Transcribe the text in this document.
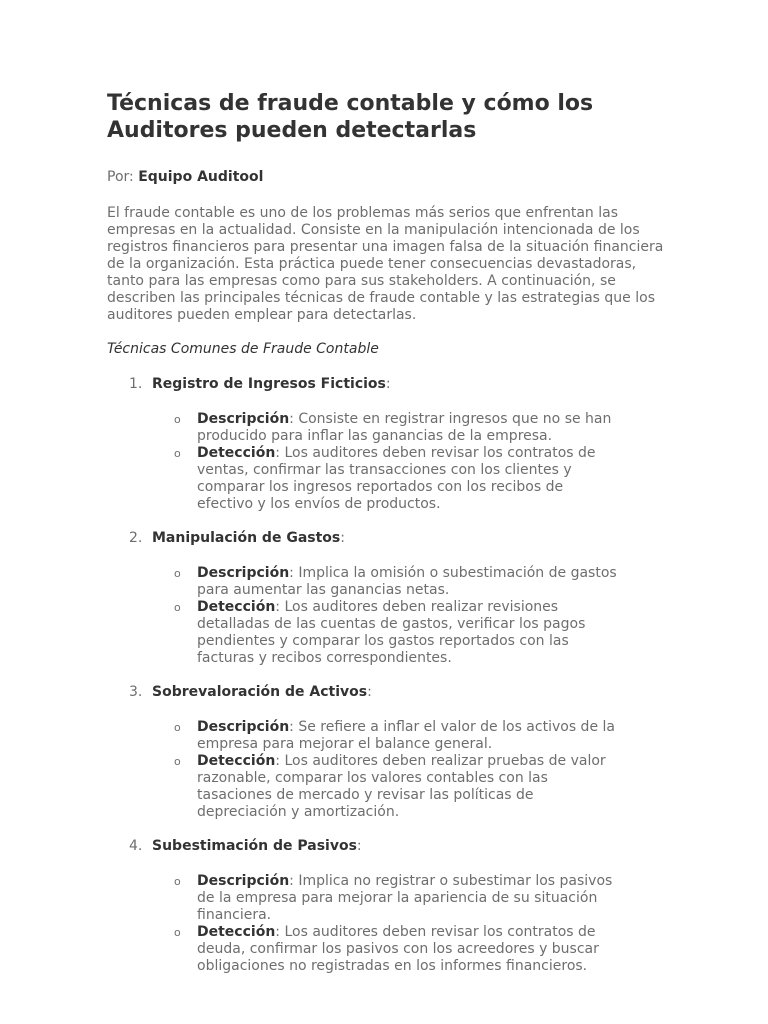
Técnicas de fraude contable y cómo los Auditores pueden detectarlas
Por: Equipo Auditool

El fraude contable es uno de los problemas más serios que enfrentan las empresas en la actualidad. Consiste en la manipulación intencionada de los registros financieros para presentar una imagen falsa de la situación financiera de la organización. Esta práctica puede tener consecuencias devastadoras, tanto para las empresas como para sus stakeholders. A continuación, se describen las principales técnicas de fraude contable y las estrategias que los auditores pueden emplear para detectarlas.

Técnicas Comunes de Fraude Contable
1. Registro de Ingresos Ficticios:
o Descripción: Consiste en registrar ingresos que no se han producido para inflar las ganancias de la empresa.
o Detección: Los auditores deben revisar los contratos de ventas, confirmar las transacciones con los clientes y comparar los ingresos reportados con los recibos de efectivo y los envíos de productos.
2. Manipulación de Gastos:
o Descripción: Implica la omisión o subestimación de gastos para aumentar las ganancias netas.
o Detección: Los auditores deben realizar revisiones detalladas de las cuentas de gastos, verificar los pagos pendientes y comparar los gastos reportados con las facturas y recibos correspondientes.
3. Sobrevaloración de Activos:
o Descripción: Se refiere a inflar el valor de los activos de la empresa para mejorar el balance general.
o Detección: Los auditores deben realizar pruebas de valor razonable, comparar los valores contables con las tasaciones de mercado y revisar las políticas de depreciación y amortización.
4. Subestimación de Pasivos:
o Descripción: Implica no registrar o subestimar los pasivos de la empresa para mejorar la apariencia de su situación financiera.
o Detección: Los auditores deben revisar los contratos de deuda, confirmar los pasivos con los acreedores y buscar obligaciones no registradas en los informes financieros.
